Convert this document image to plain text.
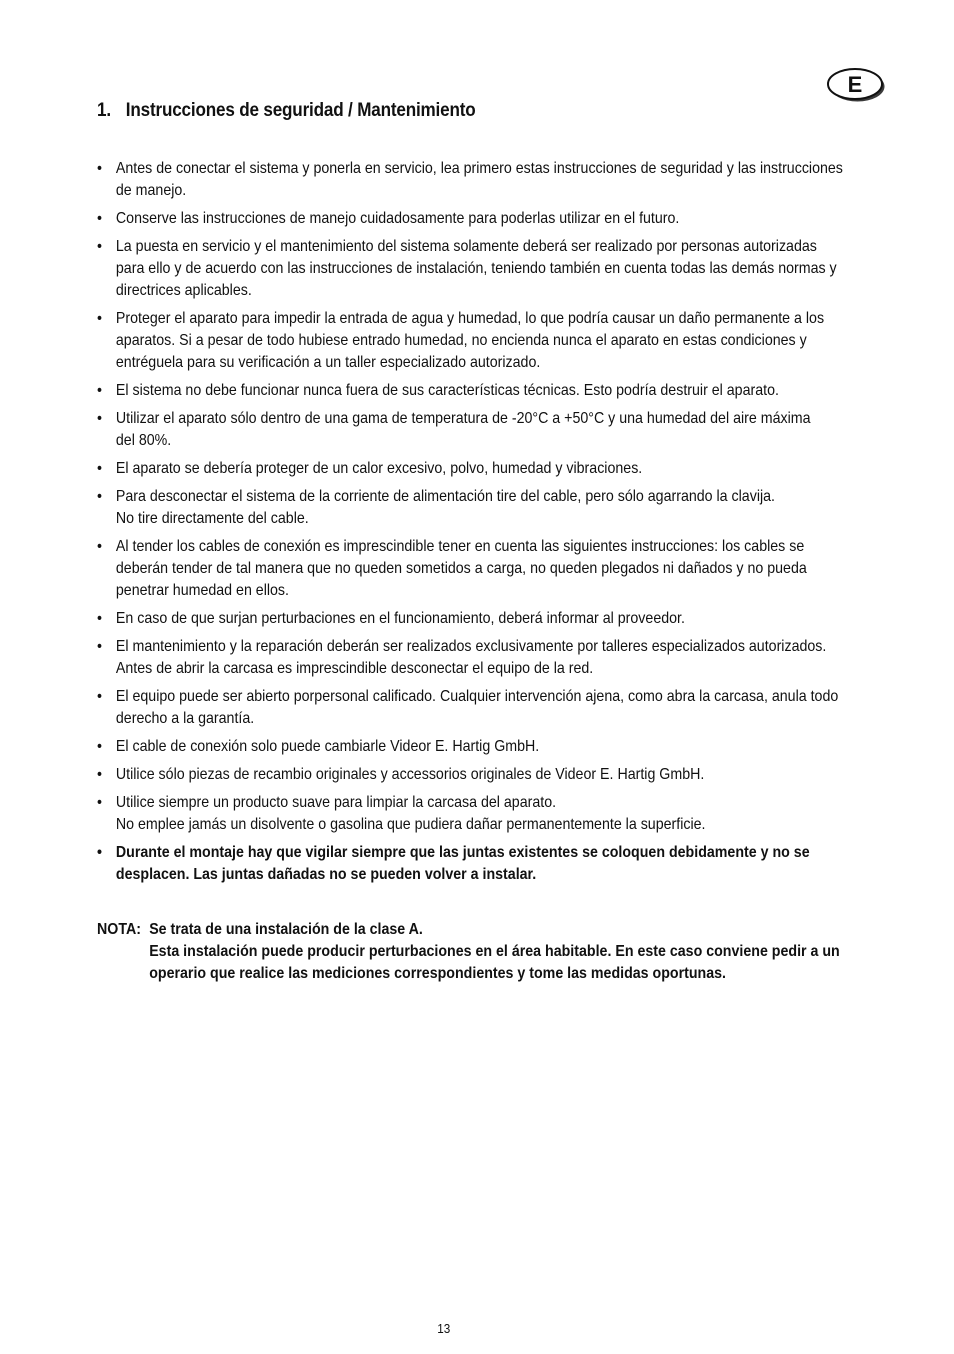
E
1. Instrucciones de seguridad / Mantenimiento
• Antes de conectar el sistema y ponerla en servicio, lea primero estas instrucciones de seguridad y las instrucciones
de manejo.
• Conserve las instrucciones de manejo cuidadosamente para poderlas utilizar en el futuro.
• La puesta en servicio y el mantenimiento del sistema solamente deberá ser realizado por personas autorizadas
para ello y de acuerdo con las instrucciones de instalación, teniendo también en cuenta todas las demás normas y
directrices aplicables.
• Proteger el aparato para impedir la entrada de agua y humedad, lo que podría causar un daño permanente a los
aparatos. Si a pesar de todo hubiese entrado humedad, no encienda nunca el aparato en estas condiciones y
entréguela para su verificación a un taller especializado autorizado.
• El sistema no debe funcionar nunca fuera de sus características técnicas. Esto podría destruir el aparato.
• Utilizar el aparato sólo dentro de una gama de temperatura de -20°C a +50°C y una humedad del aire máxima
del 80%.
• El aparato se debería proteger de un calor excesivo, polvo, humedad y vibraciones.
• Para desconectar el sistema de la corriente de alimentación tire del cable, pero sólo agarrando la clavija.
No tire directamente del cable.
• Al tender los cables de conexión es imprescindible tener en cuenta las siguientes instrucciones: los cables se
deberán tender de tal manera que no queden sometidos a carga, no queden plegados ni dañados y no pueda
penetrar humedad en ellos.
• En caso de que surjan perturbaciones en el funcionamiento, deberá informar al proveedor.
• El mantenimiento y la reparación deberán ser realizados exclusivamente por talleres especializados autorizados.
Antes de abrir la carcasa es imprescindible desconectar el equipo de la red.
• El equipo puede ser abierto porpersonal calificado. Cualquier intervención ajena, como abra la carcasa, anula todo
derecho a la garantía.
• El cable de conexión solo puede cambiarle Videor E. Hartig GmbH.
• Utilice sólo piezas de recambio originales y accessorios originales de Videor E. Hartig GmbH.
• Utilice siempre un producto suave para limpiar la carcasa del aparato.
No emplee jamás un disolvente o gasolina que pudiera dañar permanentemente la superficie.
• Durante el montaje hay que vigilar siempre que las juntas existentes se coloquen debidamente y no se
desplacen. Las juntas dañadas no se pueden volver a instalar.
NOTA: Se trata de una instalación de la clase A.
Esta instalación puede producir perturbaciones en el área habitable. En este caso conviene pedir a un
operario que realice las mediciones correspondientes y tome las medidas oportunas.
13
